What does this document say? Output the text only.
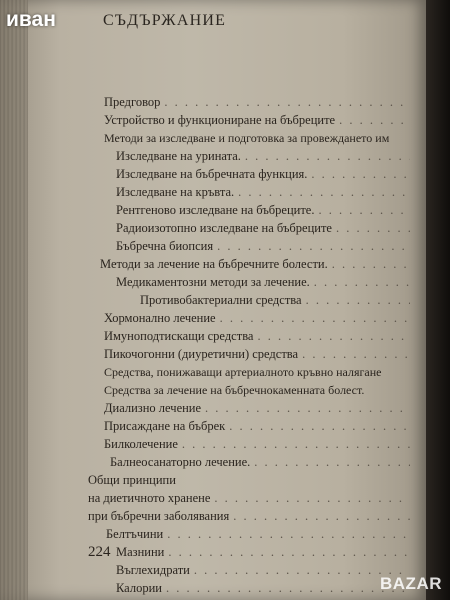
иван	СЪДЪРЖАНИЕ
Предговор
. . .
Устройство и функциониране на бъбреците
. . .
Методи за изследване и подготовка за провеждането им
Изследване на урината.
. . .
Изследване на бъбречната функция.
. . .
Изследване на кръвта.
. . .
Рентгеново изследване на бъбреците.
. . .
Радиоизотопно изследване на бъбреците
. . .
Бъбречна биопсия
. . .
Методи за лечение на бъбречните болести.
. . .
Медикаментозни методи за лечение.
. . .
Противобактериални средства
. . .
Хормонално лечение
. . .
Имуноподтискащи средства
. . .
Пикочогонни (диуретични) средства
. . .
Средства, понижаващи артериалното кръвно налягане
Средства за лечение на бъбречнокаменната болест.
Диализно лечение
. . .
Присаждане на бъбрек
. . .
Билколечение
. . .
Балнеосанаторно лечение.
. . .
Общи принципи
на диетичното хранене
. . .
при бъбречни заболявания
. . .
Белтъчини
. . .
Мазнини
. . .
Въглехидрати
. . .
Калории
. . .
224
BAZAR
